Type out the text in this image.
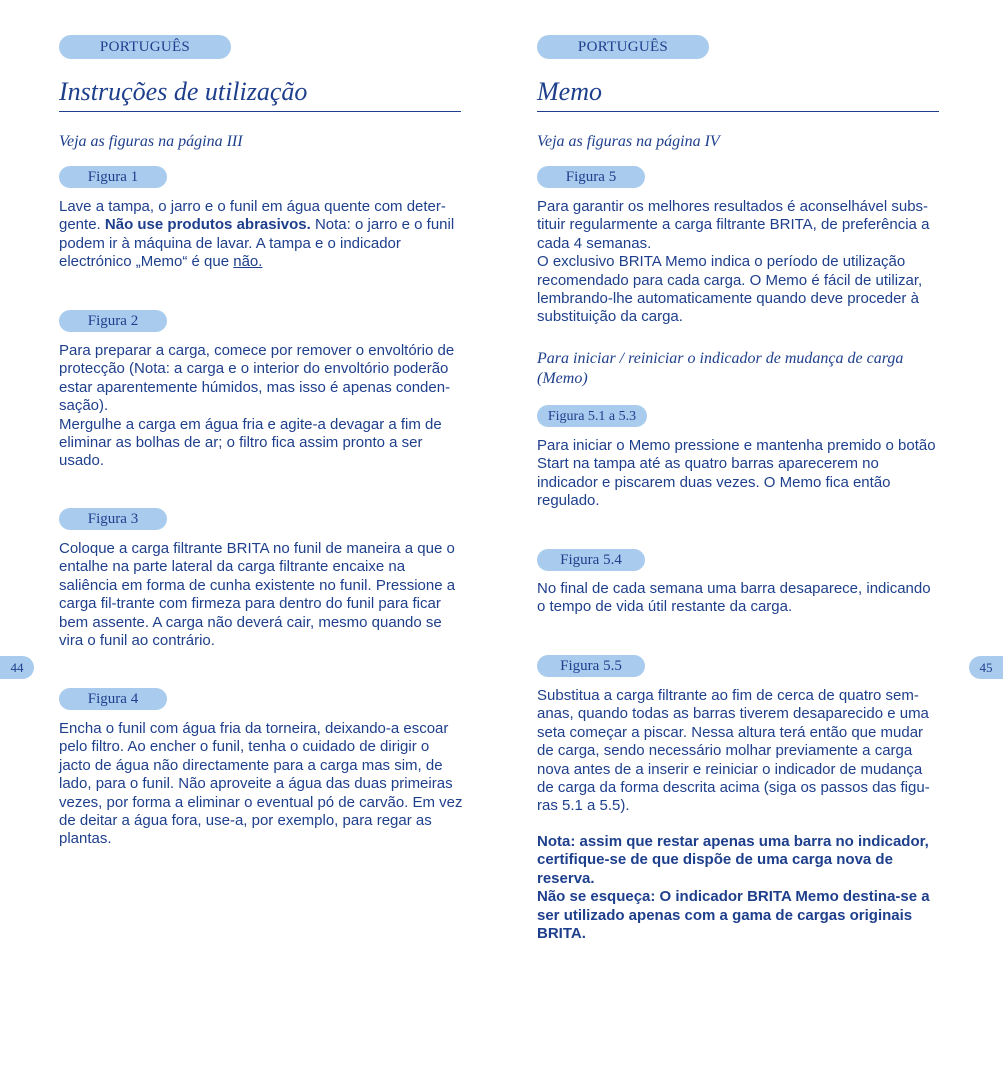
PORTUGUÊS
Instruções de utilização
Veja as figuras na página III
Figura 1

Lave a tampa, o jarro e o funil em água quente com deter-gente. Não use produtos abrasivos. Nota: o jarro e o funil podem ir à máquina de lavar. A tampa e o indicador electrónico „Memo“ é que não.

Figura 2

Para preparar a carga, comece por remover o envoltório de protecção (Nota: a carga e o interior do envoltório poderão estar aparentemente húmidos, mas isso é apenas conden-sação).
Mergulhe a carga em água fria e agite-a devagar a fim de eliminar as bolhas de ar; o filtro fica assim pronto a ser usado.

Figura 3

Coloque a carga filtrante BRITA no funil de maneira a que o entalhe na parte lateral da carga filtrante encaixe na saliência em forma de cunha existente no funil. Pressione a carga fil-trante com firmeza para dentro do funil para ficar bem assente. A carga não deverá cair, mesmo quando se vira o funil ao contrário.

Figura 4

Encha o funil com água fria da torneira, deixando-a escoar pelo filtro. Ao encher o funil, tenha o cuidado de dirigir o jacto de água não directamente para a carga mas sim, de lado, para o funil. Não aproveite a água das duas primeiras vezes, por forma a eliminar o eventual pó de carvão. Em vez de deitar a água fora, use-a, por exemplo, para regar as plantas.

PORTUGUÊS
Memo
Veja as figuras na página IV
Figura 5

Para garantir os melhores resultados é aconselhável subs-tituir regularmente a carga filtrante BRITA, de preferência a cada 4 semanas.
O exclusivo BRITA Memo indica o período de utilização recomendado para cada carga. O Memo é fácil de utilizar, lembrando-lhe automaticamente quando deve proceder à substituição da carga.

Para iniciar / reiniciar o indicador de mudança de carga (Memo)
Figura 5.1 a 5.3

Para iniciar o Memo pressione e mantenha premido o botão Start na tampa até as quatro barras aparecerem no indicador e piscarem duas vezes. O Memo fica então regulado.

Figura 5.4

No final de cada semana uma barra desaparece, indicando o tempo de vida útil restante da carga.

Figura 5.5

Substitua a carga filtrante ao fim de cerca de quatro sem-anas, quando todas as barras tiverem desaparecido e uma seta começar a piscar. Nessa altura terá então que mudar de carga, sendo necessário molhar previamente a carga nova antes de a inserir e reiniciar o indicador de mudança de carga da forma descrita acima (siga os passos das figu-ras 5.1 a 5.5).

Nota: assim que restar apenas uma barra no indicador, certifique-se de que dispõe de uma carga nova de reserva.
Não se esqueça: O indicador BRITA Memo destina-se a ser utilizado apenas com a gama de cargas originais BRITA.

44	45
